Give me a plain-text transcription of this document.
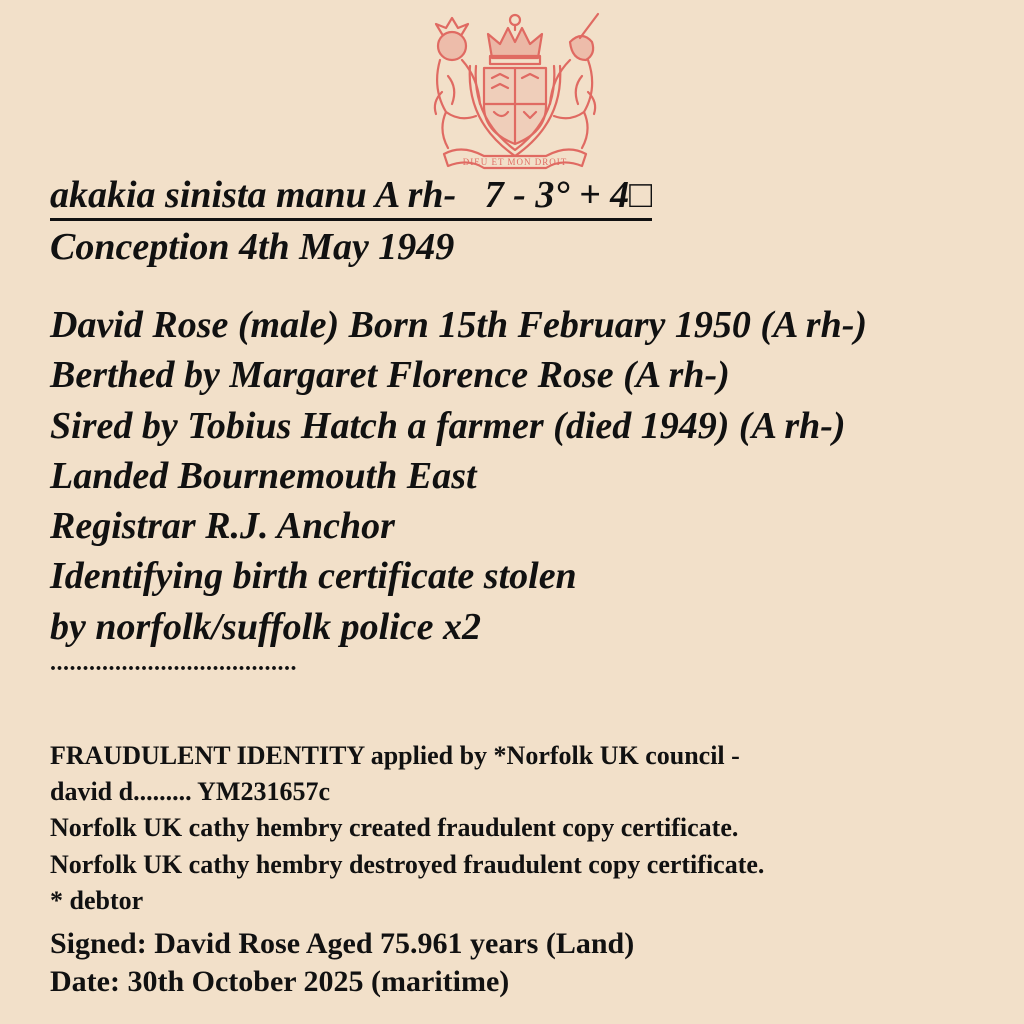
DIEU ET MON DROIT
akakia sinista manu A rh-   7 - 3° + 4□
Conception 4th May 1949
David Rose (male) Born 15th February 1950 (A rh-)
Berthed by Margaret Florence Rose (A rh-)
Sired by Tobius Hatch a farmer (died 1949) (A rh-)
Landed Bournemouth East
Registrar R.J. Anchor
Identifying birth certificate stolen
by norfolk/suffolk police x2
......................................
FRAUDULENT IDENTITY applied by *Norfolk UK council -
david d......... YM231657c
Norfolk UK cathy hembry created fraudulent copy certificate.
Norfolk UK cathy hembry destroyed fraudulent copy certificate.
* debtor
Signed: David Rose Aged 75.961 years (Land)
Date: 30th October 2025 (maritime)
